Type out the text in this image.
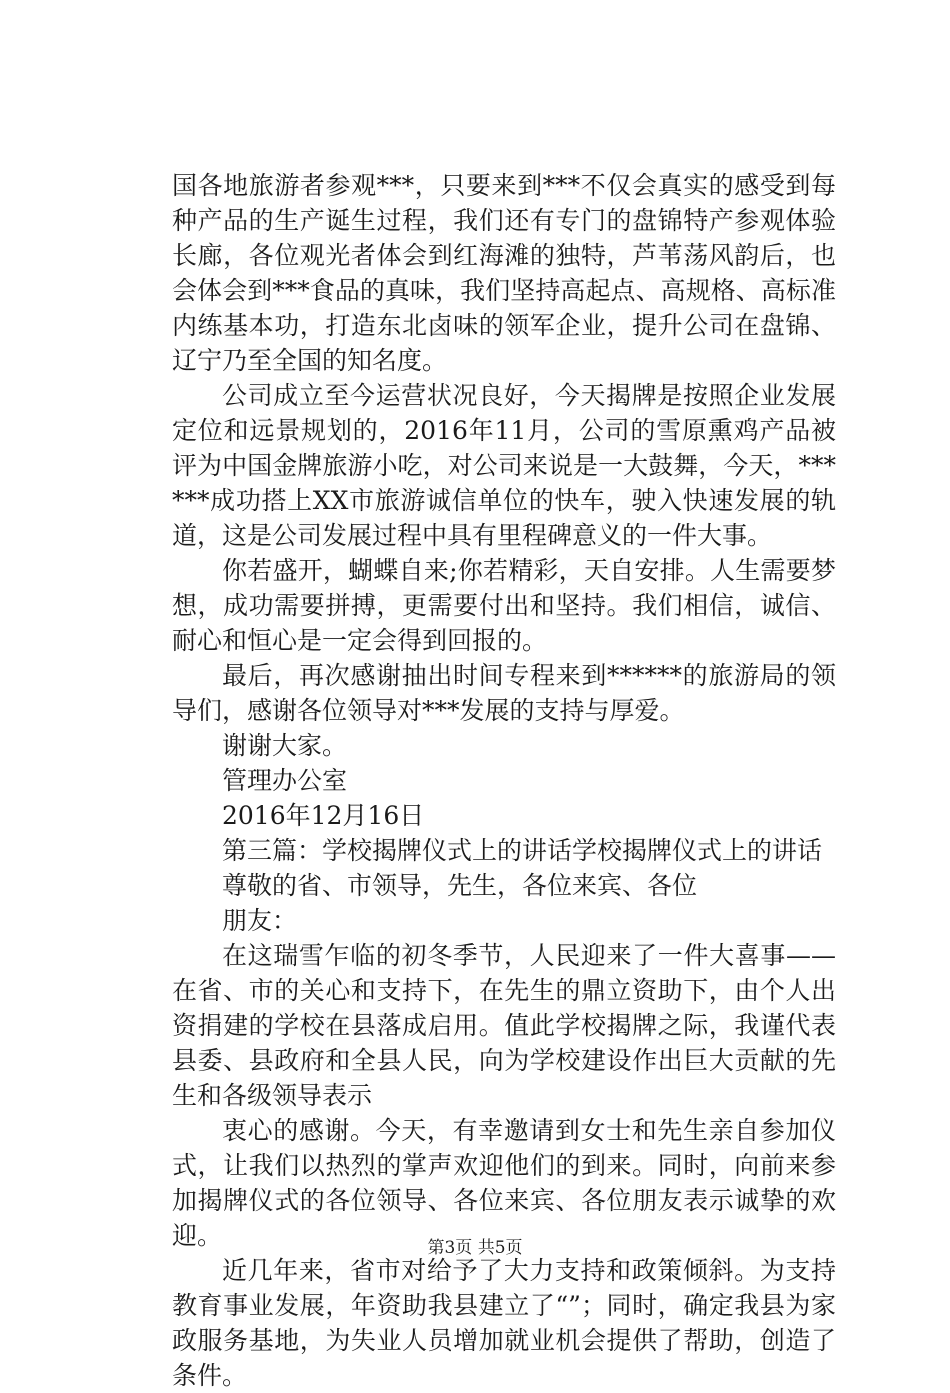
国各地旅游者参观***，只要来到***不仅会真实的感受到每种产品的生产诞生过程，我们还有专门的盘锦特产参观体验长廊，各位观光者体会到红海滩的独特，芦苇荡风韵后，也会体会到***食品的真味，我们坚持高起点、高规格、高标准内练基本功，打造东北卤味的领军企业，提升公司在盘锦、辽宁乃至全国的知名度。

公司成立至今运营状况良好，今天揭牌是按照企业发展定位和远景规划的，2016年11月，公司的雪原熏鸡产品被评为中国金牌旅游小吃，对公司来说是一大鼓舞，今天，******成功搭上XX市旅游诚信单位的快车，驶入快速发展的轨道，这是公司发展过程中具有里程碑意义的一件大事。

你若盛开，蝴蝶自来;你若精彩，天自安排。人生需要梦想，成功需要拼搏，更需要付出和坚持。我们相信，诚信、耐心和恒心是一定会得到回报的。

最后，再次感谢抽出时间专程来到******的旅游局的领导们，感谢各位领导对***发展的支持与厚爱。

谢谢大家。

管理办公室

2016年12月16日

第三篇：学校揭牌仪式上的讲话学校揭牌仪式上的讲话

尊敬的省、市领导，先生，各位来宾、各位

朋友：

在这瑞雪乍临的初冬季节，人民迎来了一件大喜事——在省、市的关心和支持下，在先生的鼎立资助下，由个人出资捐建的学校在县落成启用。值此学校揭牌之际，我谨代表县委、县政府和全县人民，向为学校建设作出巨大贡献的先生和各级领导表示

衷心的感谢。今天，有幸邀请到女士和先生亲自参加仪式，让我们以热烈的掌声欢迎他们的到来。同时，向前来参加揭牌仪式的各位领导、各位来宾、各位朋友表示诚挚的欢迎。

近几年来，省市对给予了大力支持和政策倾斜。为支持教育事业发展，年资助我县建立了“”；同时，确定我县为家政服务基地，为失业人员增加就业机会提供了帮助，创造了条件。

第3页 共5页
